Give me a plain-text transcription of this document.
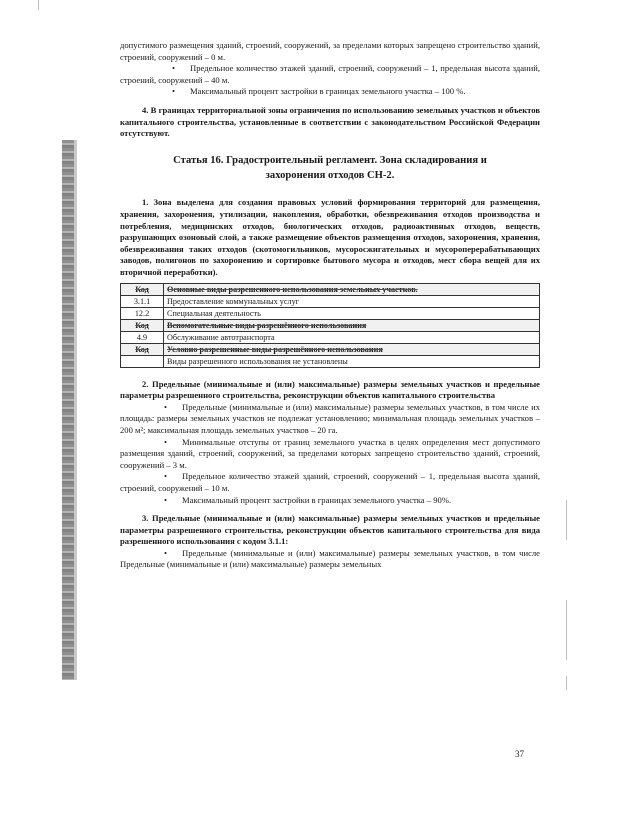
допустимого размещения зданий, строений, сооружений, за пределами которых запрещено строительство зданий, строений, сооружений – 0 м.

• Предельное количество этажей зданий, строений, сооружений – 1, предельная высота зданий, строений, сооружений – 40 м.

• Максимальный процент застройки в границах земельного участка – 100 %.

4. В границах территориальной зоны ограничения по использованию земельных участков и объектов капитального строительства, установленные в соответствии с законодательством Российской Федерации отсутствуют.

Статья 16. Градостроительный регламент. Зона складирования и
захоронения отходов СН-2.

1. Зона выделена для создания правовых условий формирования территорий для размещения, хранения, захоронения, утилизации, накопления, обработки, обезвреживания отходов производства и потребления, медицинских отходов, биологических отходов, радиоактивных отходов, веществ, разрушающих озоновый слой, а также размещение объектов размещения отходов, захоронения, хранения, обезвреживания таких отходов (скотомогильников, мусоросжигательных и мусороперерабатывающих заводов, полигонов по захоронению и сортировке бытового мусора и отходов, мест сбора вещей для их вторичной переработки).

Код	Основные виды разрешенного использования земельных участков.
3.1.1	Предоставление коммунальных услуг
12.2	Специальная деятельность
Код	Вспомогательные виды разрешённого использования
4.9	Обслуживание автотранспорта
Код	Условно разрешенные виды разрешённого использования
	Виды разрешенного использования не установлены

2. Предельные (минимальные и (или) максимальные) размеры земельных участков и предельные параметры разрешенного строительства, реконструкции объектов капитального строительства

• Предельные (минимальные и (или) максимальные) размеры земельных участков, в том числе их площадь: размеры земельных участков не подлежат установлению; минимальная площадь земельных участков – 200 м²; максимальная площадь земельных участков – 20 га.

• Минимальные отступы от границ земельного участка в целях определения мест допустимого размещения зданий, строений, сооружений, за пределами которых запрещено строительство зданий, строений, сооружений – 3 м.

• Предельное количество этажей зданий, строений, сооружений – 1, предельная высота зданий, строений, сооружений – 10 м.

• Максимальный процент застройки в границах земельного участка – 90%.

3. Предельные (минимальные и (или) максимальные) размеры земельных участков и предельные параметры разрешенного строительства, реконструкции объектов капитального строительства для вида разрешенного использования с кодом 3.1.1:

• Предельные (минимальные и (или) максимальные) размеры земельных участков, в том числе Предельные (минимальные и (или) максимальные) размеры земельных

37
